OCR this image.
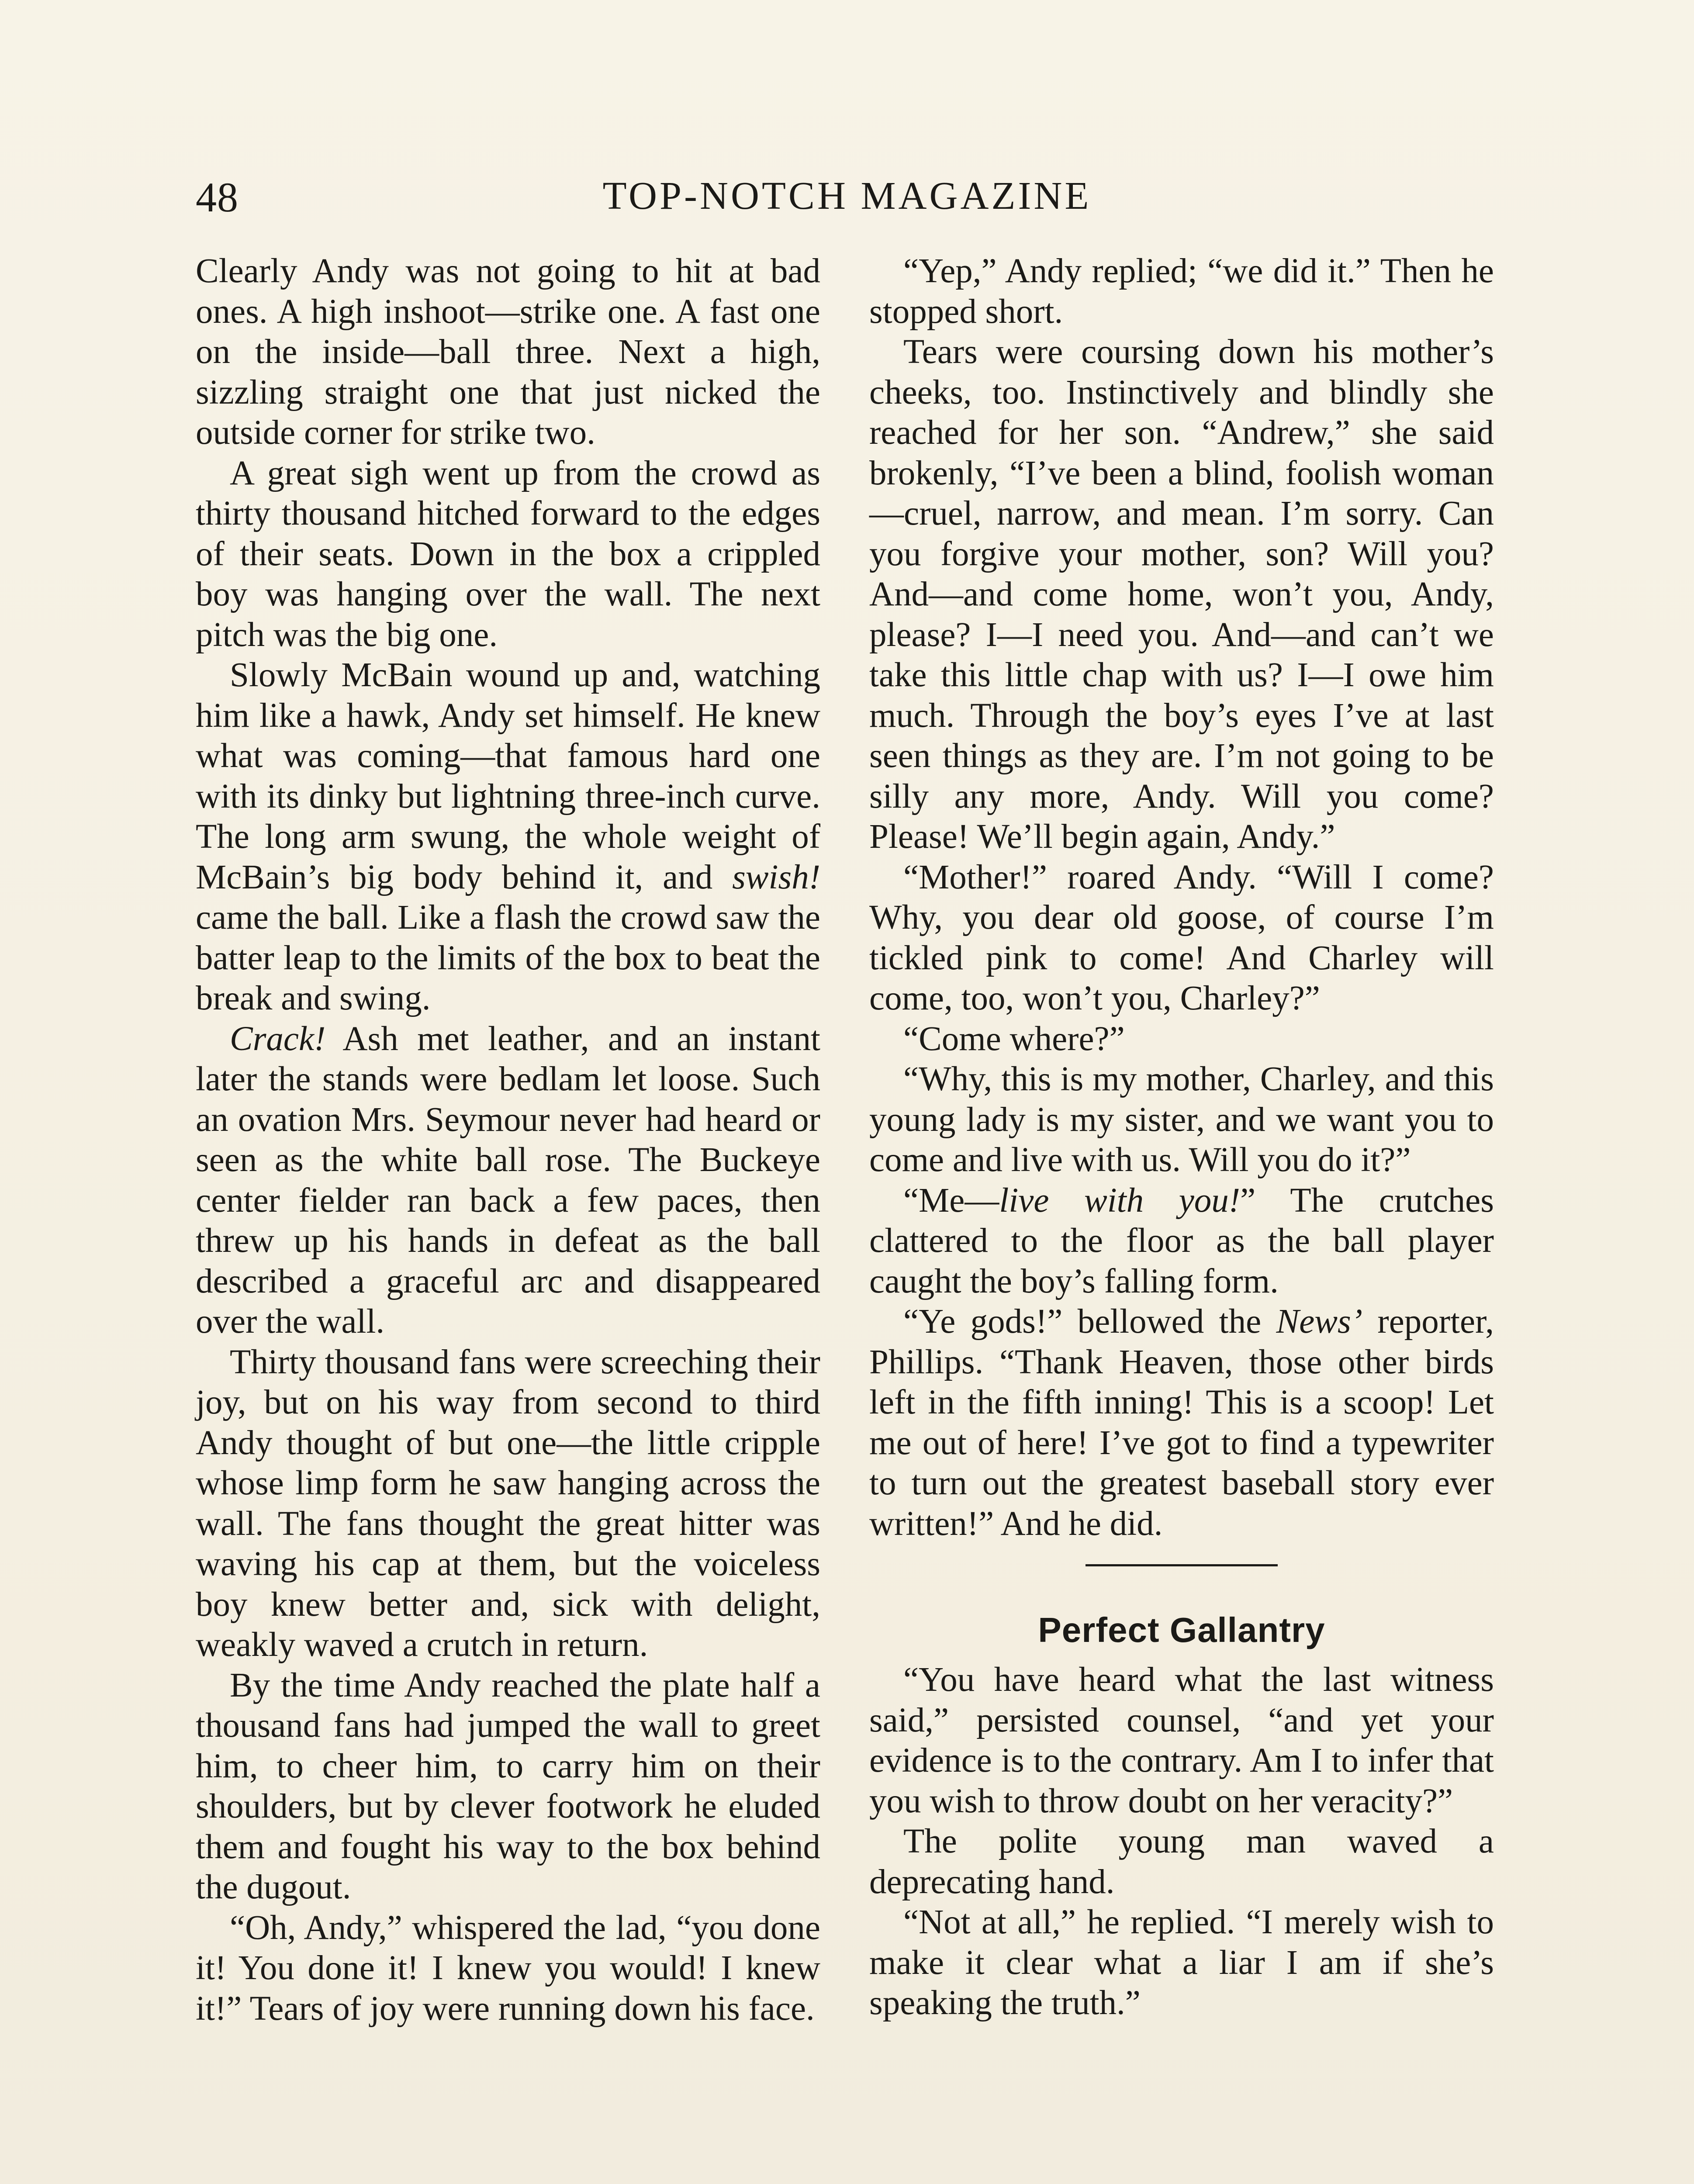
48	TOP-NOTCH MAGAZINE

Clearly Andy was not going to hit at bad ones. A high inshoot—strike one. A fast one on the inside—ball three. Next a high, sizzling straight one that just nicked the outside corner for strike two.

A great sigh went up from the crowd as thirty thousand hitched forward to the edges of their seats. Down in the box a crippled boy was hanging over the wall. The next pitch was the big one.

Slowly McBain wound up and, watching him like a hawk, Andy set himself. He knew what was coming—that famous hard one with its dinky but lightning three-inch curve. The long arm swung, the whole weight of McBain’s big body behind it, and swish! came the ball. Like a flash the crowd saw the batter leap to the limits of the box to beat the break and swing.

Crack! Ash met leather, and an instant later the stands were bedlam let loose. Such an ovation Mrs. Seymour never had heard or seen as the white ball rose. The Buckeye center fielder ran back a few paces, then threw up his hands in defeat as the ball described a graceful arc and disappeared over the wall.

Thirty thousand fans were screeching their joy, but on his way from second to third Andy thought of but one—the little cripple whose limp form he saw hanging across the wall. The fans thought the great hitter was waving his cap at them, but the voiceless boy knew better and, sick with delight, weakly waved a crutch in return.

By the time Andy reached the plate half a thousand fans had jumped the wall to greet him, to cheer him, to carry him on their shoulders, but by clever footwork he eluded them and fought his way to the box behind the dugout.

“Oh, Andy,” whispered the lad, “you done it! You done it! I knew you would! I knew it!” Tears of joy were running down his face.

“Yep,” Andy replied; “we did it.” Then he stopped short.

Tears were coursing down his mother’s cheeks, too. Instinctively and blindly she reached for her son. “Andrew,” she said brokenly, “I’ve been a blind, foolish woman—cruel, narrow, and mean. I’m sorry. Can you forgive your mother, son? Will you? And—and come home, won’t you, Andy, please? I—I need you. And—and can’t we take this little chap with us? I—I owe him much. Through the boy’s eyes I’ve at last seen things as they are. I’m not going to be silly any more, Andy. Will you come? Please! We’ll begin again, Andy.”

“Mother!” roared Andy. “Will I come? Why, you dear old goose, of course I’m tickled pink to come! And Charley will come, too, won’t you, Charley?”

“Come where?”

“Why, this is my mother, Charley, and this young lady is my sister, and we want you to come and live with us. Will you do it?”

“Me—live with you!” The crutches clattered to the floor as the ball player caught the boy’s falling form.

“Ye gods!” bellowed the News’ reporter, Phillips. “Thank Heaven, those other birds left in the fifth inning! This is a scoop! Let me out of here! I’ve got to find a typewriter to turn out the greatest baseball story ever written!” And he did.

Perfect Gallantry

“You have heard what the last witness said,” persisted counsel, “and yet your evidence is to the contrary. Am I to infer that you wish to throw doubt on her veracity?”

The polite young man waved a deprecating hand.

“Not at all,” he replied. “I merely wish to make it clear what a liar I am if she’s speaking the truth.”
